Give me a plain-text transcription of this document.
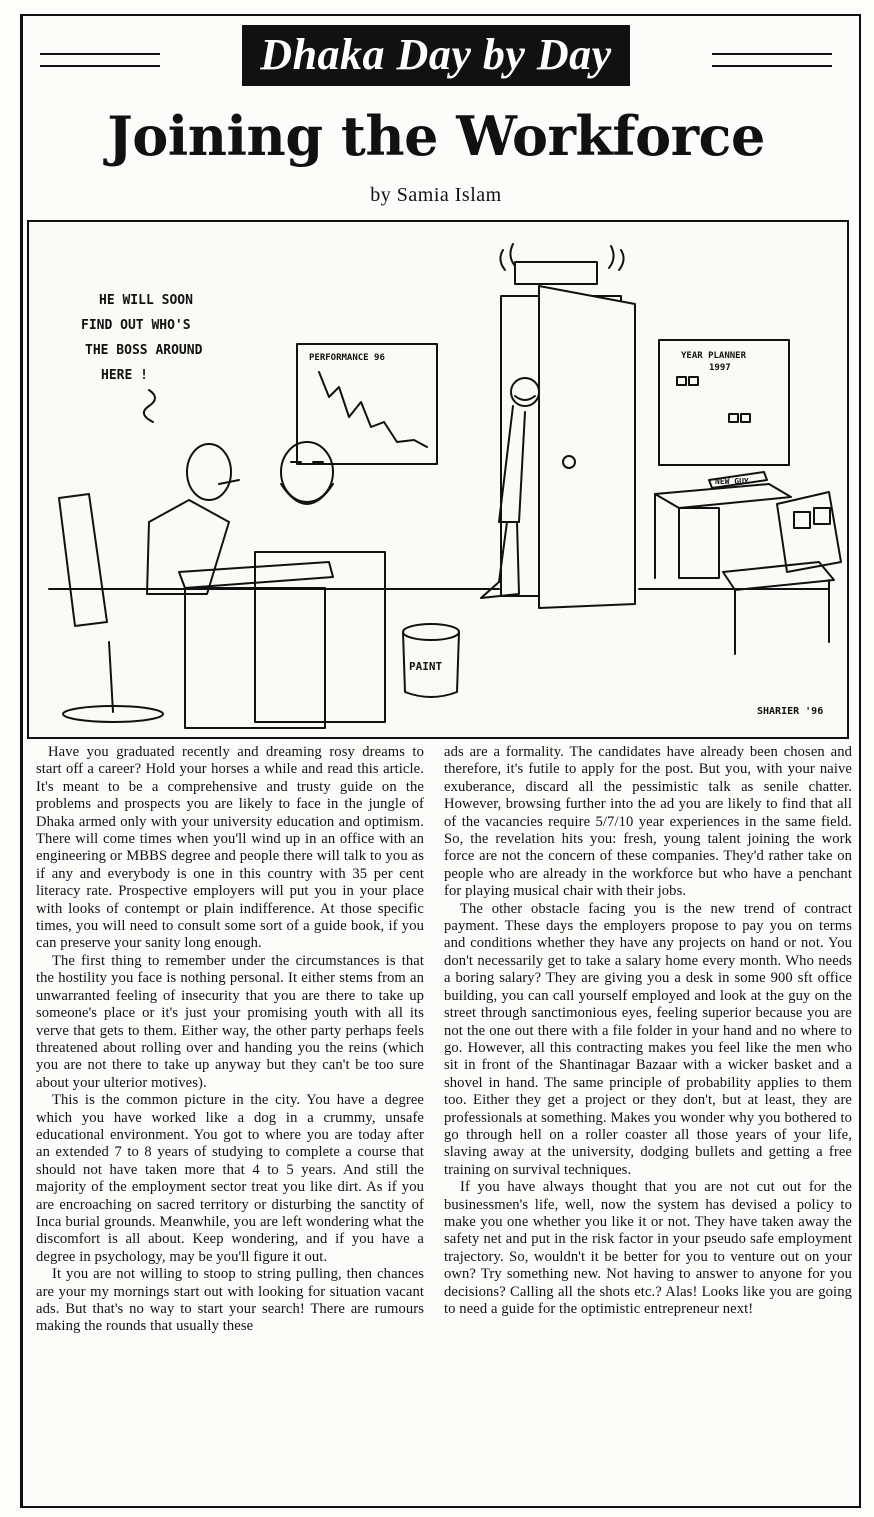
Dhaka Day by Day
Joining the Workforce
by Samia Islam
PERFORMANCE 96	YEAR PLANNER
1997
NEW GUY
PAINT
HE WILL SOON
FIND OUT WHO'S
THE BOSS AROUND
HERE !
SHARIER '96

Have you graduated recently and dreaming rosy dreams to start off a career? Hold your horses a while and read this article. It's meant to be a comprehensive and trusty guide on the problems and prospects you are likely to face in the jungle of Dhaka armed only with your university education and optimism. There will come times when you'll wind up in an office with an engineering or MBBS degree and people there will talk to you as if any and everybody is one in this country with 35 per cent literacy rate. Prospective employers will put you in your place with looks of contempt or plain indifference. At those specific times, you will need to consult some sort of a guide book, if you can preserve your sanity long enough.

The first thing to remember under the circumstances is that the hostility you face is nothing personal. It either stems from an unwarranted feeling of insecurity that you are there to take up someone's place or it's just your promising youth with all its verve that gets to them. Either way, the other party perhaps feels threatened about rolling over and handing you the reins (which you are not there to take up anyway but they can't be too sure about your ulterior motives).

This is the common picture in the city. You have a degree which you have worked like a dog in a crummy, unsafe educational environment. You got to where you are today after an extended 7 to 8 years of studying to complete a course that should not have taken more that 4 to 5 years. And still the majority of the employment sector treat you like dirt. As if you are encroaching on sacred territory or disturbing the sanctity of Inca burial grounds. Meanwhile, you are left wondering what the discomfort is all about. Keep wondering, and if you have a degree in psychology, may be you'll figure it out.

It you are not willing to stoop to string pulling, then chances are your my mornings start out with looking for situation vacant ads. But that's no way to start your search! There are rumours making the rounds that usually these

ads are a formality. The candidates have already been chosen and therefore, it's futile to apply for the post. But you, with your naive exuberance, discard all the pessimistic talk as senile chatter. However, browsing further into the ad you are likely to find that all of the vacancies require 5/7/10 year experiences in the same field. So, the revelation hits you: fresh, young talent joining the work force are not the concern of these companies. They'd rather take on people who are already in the workforce but who have a penchant for playing musical chair with their jobs.

The other obstacle facing you is the new trend of contract payment. These days the employers propose to pay you on terms and conditions whether they have any projects on hand or not. You don't necessarily get to take a salary home every month. Who needs a boring salary? They are giving you a desk in some 900 sft office building, you can call yourself employed and look at the guy on the street through sanctimonious eyes, feeling superior because you are not the one out there with a file folder in your hand and no where to go. However, all this contracting makes you feel like the men who sit in front of the Shantinagar Bazaar with a wicker basket and a shovel in hand. The same principle of probability applies to them too. Either they get a project or they don't, but at least, they are professionals at something. Makes you wonder why you bothered to go through hell on a roller coaster all those years of your life, slaving away at the university, dodging bullets and getting a free training on survival techniques.

If you have always thought that you are not cut out for the businessmen's life, well, now the system has devised a policy to make you one whether you like it or not. They have taken away the safety net and put in the risk factor in your pseudo safe employment trajectory. So, wouldn't it be better for you to venture out on your own? Try something new. Not having to answer to anyone for you decisions? Calling all the shots etc.? Alas! Looks like you are going to need a guide for the optimistic entrepreneur next!
